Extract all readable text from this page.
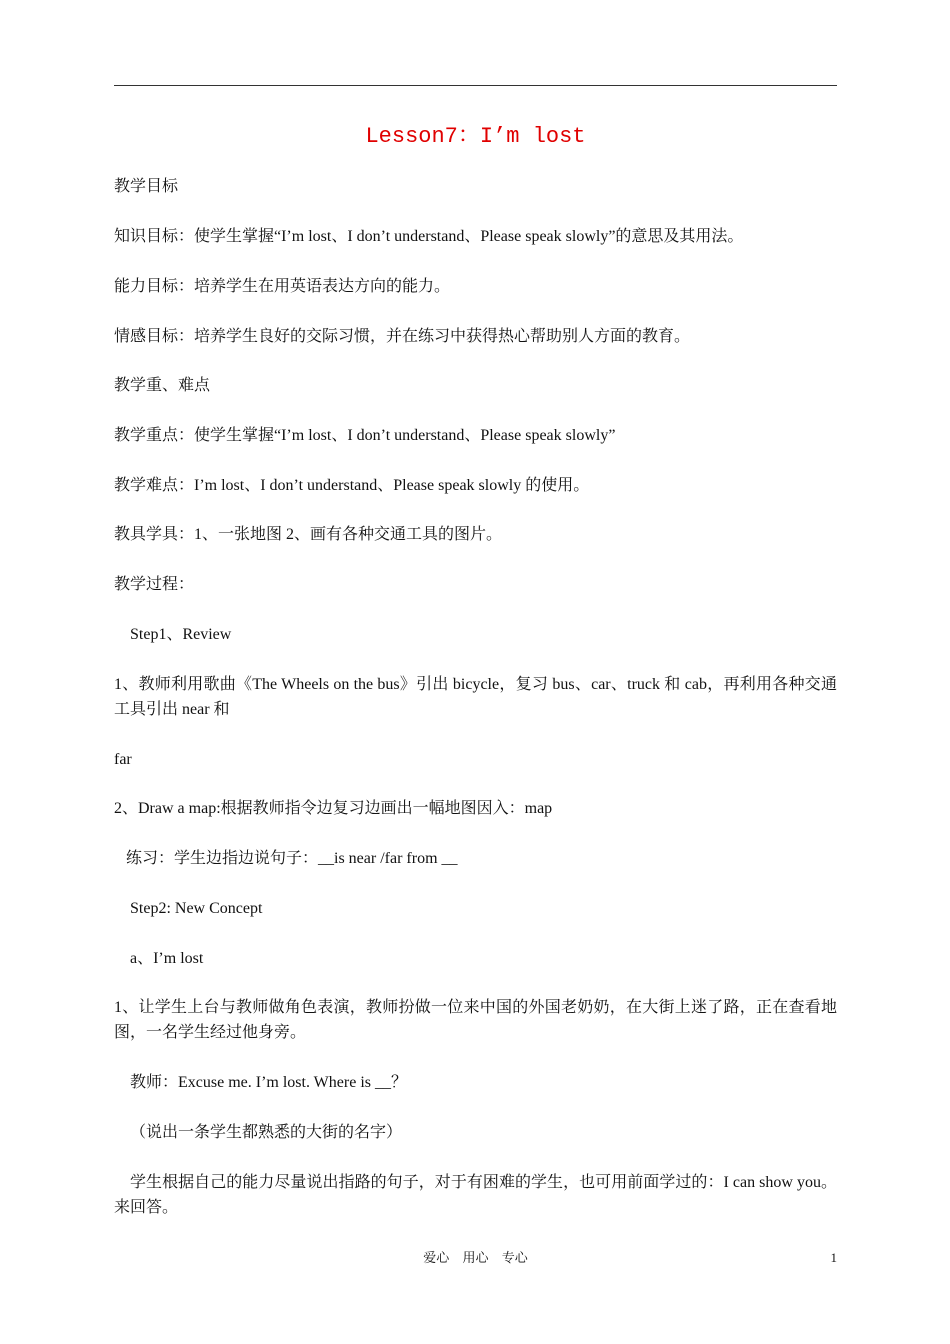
Lesson7：I’m lost

教学目标

知识目标：使学生掌握“I’m lost、I don’t understand、Please speak slowly”的意思及其用法。

能力目标：培养学生在用英语表达方向的能力。

情感目标：培养学生良好的交际习惯，并在练习中获得热心帮助别人方面的教育。

教学重、难点

教学重点：使学生掌握“I’m lost、I don’t understand、Please speak slowly”

教学难点：I’m lost、I don’t understand、Please speak slowly 的使用。

教具学具：1、一张地图 2、画有各种交通工具的图片。

教学过程：

Step1、Review

1、教师利用歌曲《The Wheels on the bus》引出 bicycle，复习 bus、car、truck 和 cab，再利用各种交通工具引出 near 和

far

2、Draw a map:根据教师指令边复习边画出一幅地图因入：map

练习：学生边指边说句子：__is near /far from __

Step2: New Concept

a、I’m lost

1、让学生上台与教师做角色表演，教师扮做一位来中国的外国老奶奶，在大街上迷了路，正在查看地图，一名学生经过他身旁。

教师：Excuse me. I’m lost. Where is __？

（说出一条学生都熟悉的大街的名字）

学生根据自己的能力尽量说出指路的句子，对于有困难的学生，也可用前面学过的：I can show you。来回答。

爱心 用心 专心	1
